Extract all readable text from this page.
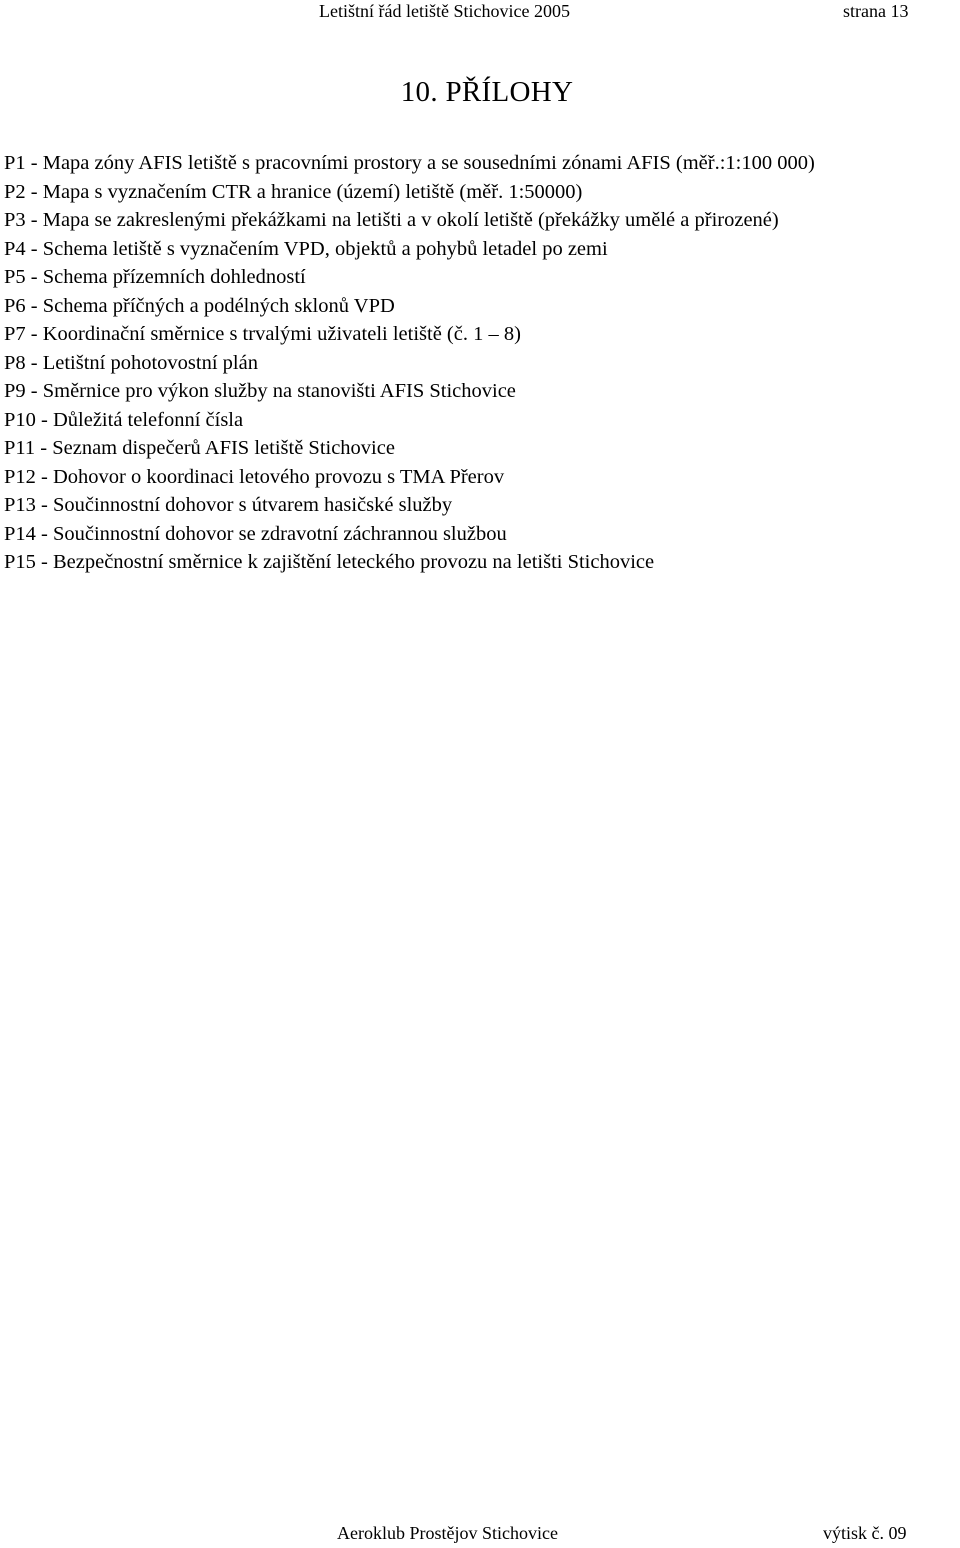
Letištní řád letiště Stichovice 2005	strana 13
10. PŘÍLOHY
P1 - Mapa zóny AFIS letiště s pracovními prostory a se sousedními zónami AFIS (měř.:1:100 000)
P2 - Mapa s vyznačením CTR a hranice (území) letiště (měř. 1:50000)
P3 - Mapa se zakreslenými překážkami na letišti a v okolí letiště (překážky umělé a přirozené)
P4 - Schema letiště s vyznačením VPD, objektů a pohybů letadel po zemi
P5 - Schema přízemních dohledností
P6 - Schema příčných a podélných sklonů VPD
P7 - Koordinační směrnice s trvalými uživateli letiště (č. 1 – 8)
P8 - Letištní pohotovostní plán
P9 - Směrnice pro výkon služby na stanovišti AFIS Stichovice
P10 - Důležitá telefonní čísla
P11 - Seznam dispečerů AFIS letiště Stichovice
P12 - Dohovor o koordinaci letového provozu s TMA Přerov
P13 - Součinnostní dohovor s útvarem hasičské služby
P14 - Součinnostní dohovor se zdravotní záchrannou službou
P15 - Bezpečnostní směrnice k zajištění leteckého provozu na letišti Stichovice
Aeroklub Prostějov Stichovice	výtisk č. 09
